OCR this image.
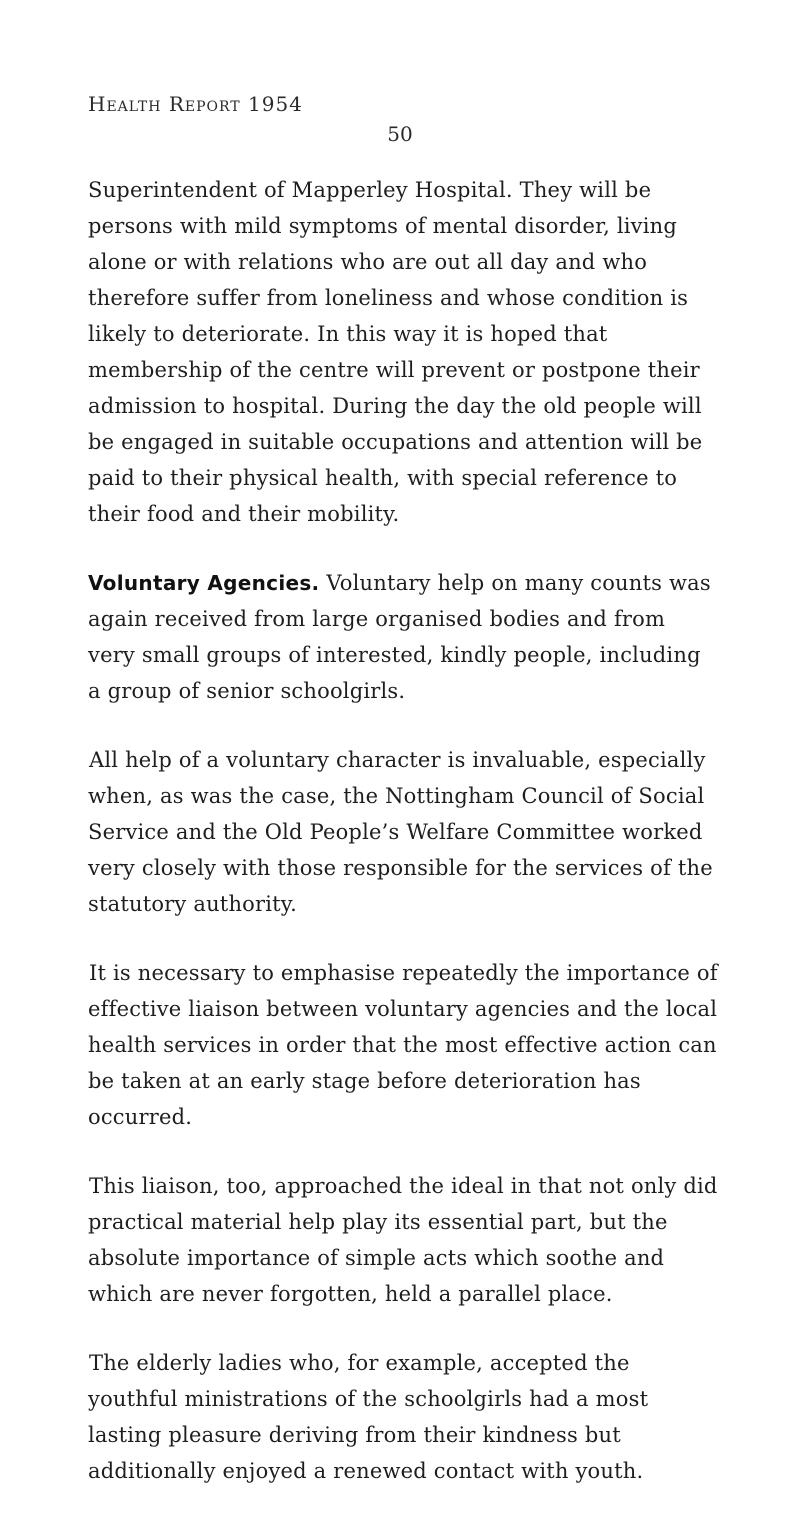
Health Report 1954
50

Superintendent of Mapperley Hospital. They will be persons with mild symptoms of mental disorder, living alone or with relations who are out all day and who therefore suffer from loneliness and whose condition is likely to deteriorate. In this way it is hoped that membership of the centre will prevent or postpone their admission to hospital. During the day the old people will be engaged in suitable occupations and attention will be paid to their physical health, with special reference to their food and their mobility.

Voluntary Agencies. Voluntary help on many counts was again received from large organised bodies and from very small groups of interested, kindly people, including a group of senior schoolgirls.

All help of a voluntary character is invaluable, especially when, as was the case, the Nottingham Council of Social Service and the Old People’s Welfare Committee worked very closely with those responsible for the services of the statutory authority.

It is necessary to emphasise repeatedly the importance of effective liaison between voluntary agencies and the local health services in order that the most effective action can be taken at an early stage before deterioration has occurred.

This liaison, too, approached the ideal in that not only did practical material help play its essential part, but the absolute importance of simple acts which soothe and which are never forgotten, held a parallel place.

The elderly ladies who, for example, accepted the youthful ministrations of the schoolgirls had a most lasting pleasure deriving from their kindness but additionally enjoyed a renewed contact with youth.
